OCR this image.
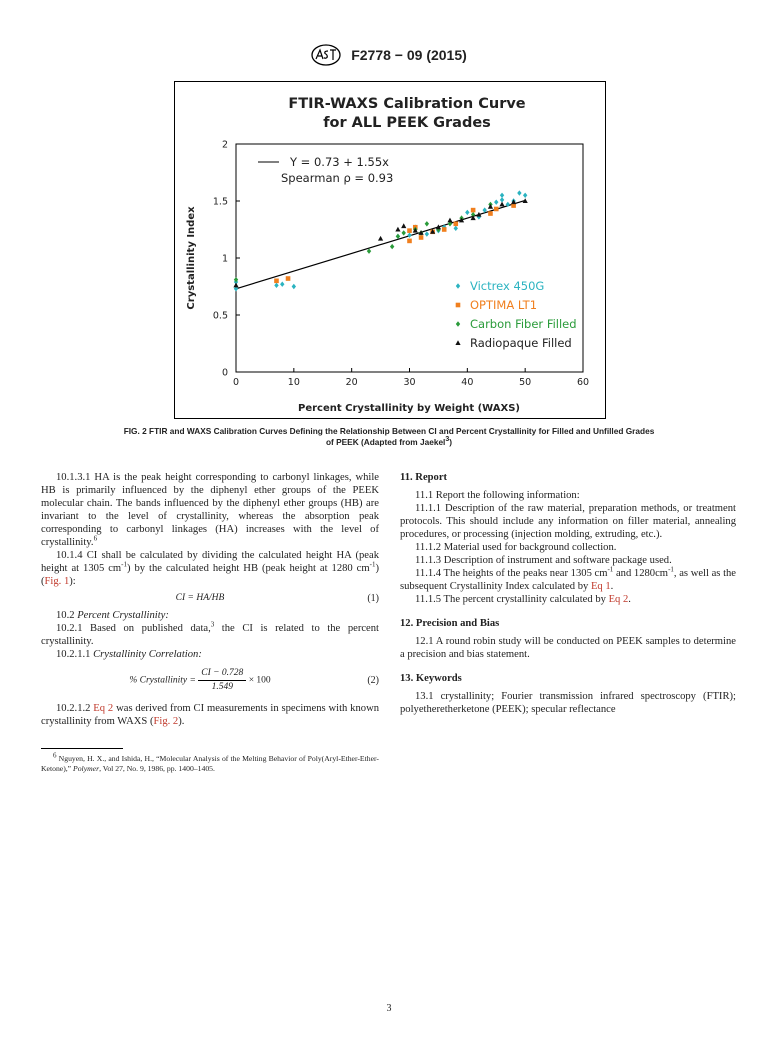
F2778 − 09 (2015)
FTIR-WAXS Calibration Curve
for ALL PEEK Grades
0	10	20	30	40	50	60
0
0.5
1
1.5
2
Y = 0.73 + 1.55x
Spearman ρ = 0.93
Victrex 450G
OPTIMA LT1
Carbon Fiber Filled
Radiopaque Filled
Percent Crystallinity by Weight (WAXS)
Crystallinity Index
FIG. 2 FTIR and WAXS Calibration Curves Defining the Relationship Between CI and Percent Crystallinity for Filled and Unfilled Grades
of PEEK (Adapted from Jaekel$^3$)

10.1.3.1 HA is the peak height corresponding to carbonyl linkages, while HB is primarily influenced by the diphenyl ether groups of the PEEK molecular chain. The bands influenced by the diphenyl ether groups (HB) are invariant to the level of crystallinity, whereas the absorption peak corresponding to carbonyl linkages (HA) increases with the level of crystallinity.$^6$

10.1.4 CI shall be calculated by dividing the calculated height HA (peak height at 1305 $cm^{-1}$) by the calculated height HB (peak height at 1280 $cm^{-1}$) (Fig. 1):

CI = HA/HB	(1)

10.2 Percent Crystallinity:

10.2.1 Based on published data,$^3$ the CI is related to the percent crystallinity.

10.2.1.1 Crystallinity Correlation:

% Crystallinity = $\frac{CI - 0.728}{1.549} \times 100$	(2)

10.2.1.2 Eq 2 was derived from CI measurements in specimens with known crystallinity from WAXS (Fig. 2).

$^6$ Nguyen, H. X., and Ishida, H., “Molecular Analysis of the Melting Behavior of Poly(Aryl-Ether-Ether-Ketone),” Polymer, Vol 27, No. 9, 1986, pp. 1400–1405.

11. Report

11.1 Report the following information:

11.1.1 Description of the raw material, preparation methods, or treatment protocols. This should include any information on filler material, annealing procedures, or processing (injection molding, extruding, etc.).

11.1.2 Material used for background collection.

11.1.3 Description of instrument and software package used.

11.1.4 The heights of the peaks near 1305 $cm^{-1}$ and $1280cm^{-1}$, as well as the subsequent Crystallinity Index calculated by Eq 1.

11.1.5 The percent crystallinity calculated by Eq 2.

12. Precision and Bias

12.1 A round robin study will be conducted on PEEK samples to determine a precision and bias statement.

13. Keywords

13.1 crystallinity; Fourier transmission infrared spectroscopy (FTIR); polyetheretherketone (PEEK); specular reflectance

3
